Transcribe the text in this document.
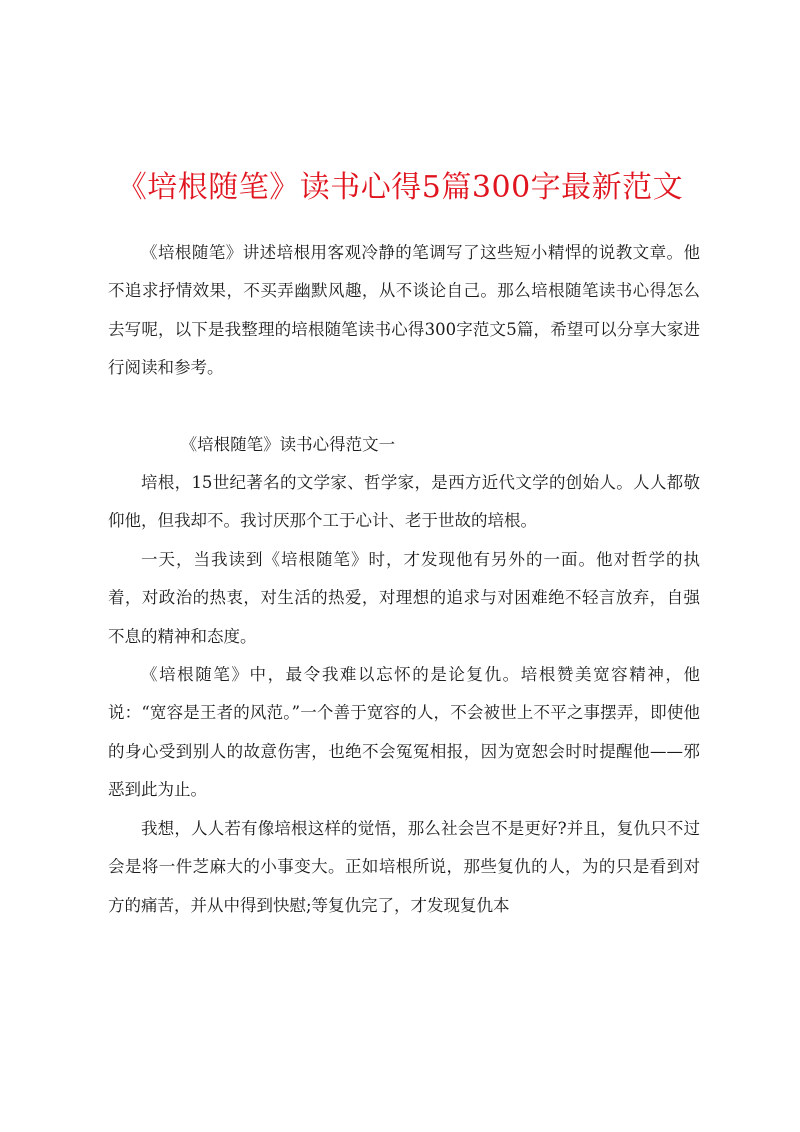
《培根随笔》读书心得5篇300字最新范文

《培根随笔》讲述培根用客观冷静的笔调写了这些短小精悍的说教文章。他不追求抒情效果，不买弄幽默风趣，从不谈论自己。那么培根随笔读书心得怎么去写呢，以下是我整理的培根随笔读书心得300字范文5篇，希望可以分享大家进行阅读和参考。

《培根随笔》读书心得范文一

培根，15世纪著名的文学家、哲学家，是西方近代文学的创始人。人人都敬仰他，但我却不。我讨厌那个工于心计、老于世故的培根。

一天，当我读到《培根随笔》时，才发现他有另外的一面。他对哲学的执着，对政治的热衷，对生活的热爱，对理想的追求与对困难绝不轻言放弃，自强不息的精神和态度。

《培根随笔》中，最令我难以忘怀的是论复仇。培根赞美宽容精神，他说：“宽容是王者的风范。”一个善于宽容的人，不会被世上不平之事摆弄，即使他的身心受到别人的故意伤害，也绝不会冤冤相报，因为宽恕会时时提醒他——邪恶到此为止。

我想，人人若有像培根这样的觉悟，那么社会岂不是更好?并且，复仇只不过会是将一件芝麻大的小事变大。正如培根所说，那些复仇的人，为的只是看到对方的痛苦，并从中得到快慰;等复仇完了，才发现复仇本
